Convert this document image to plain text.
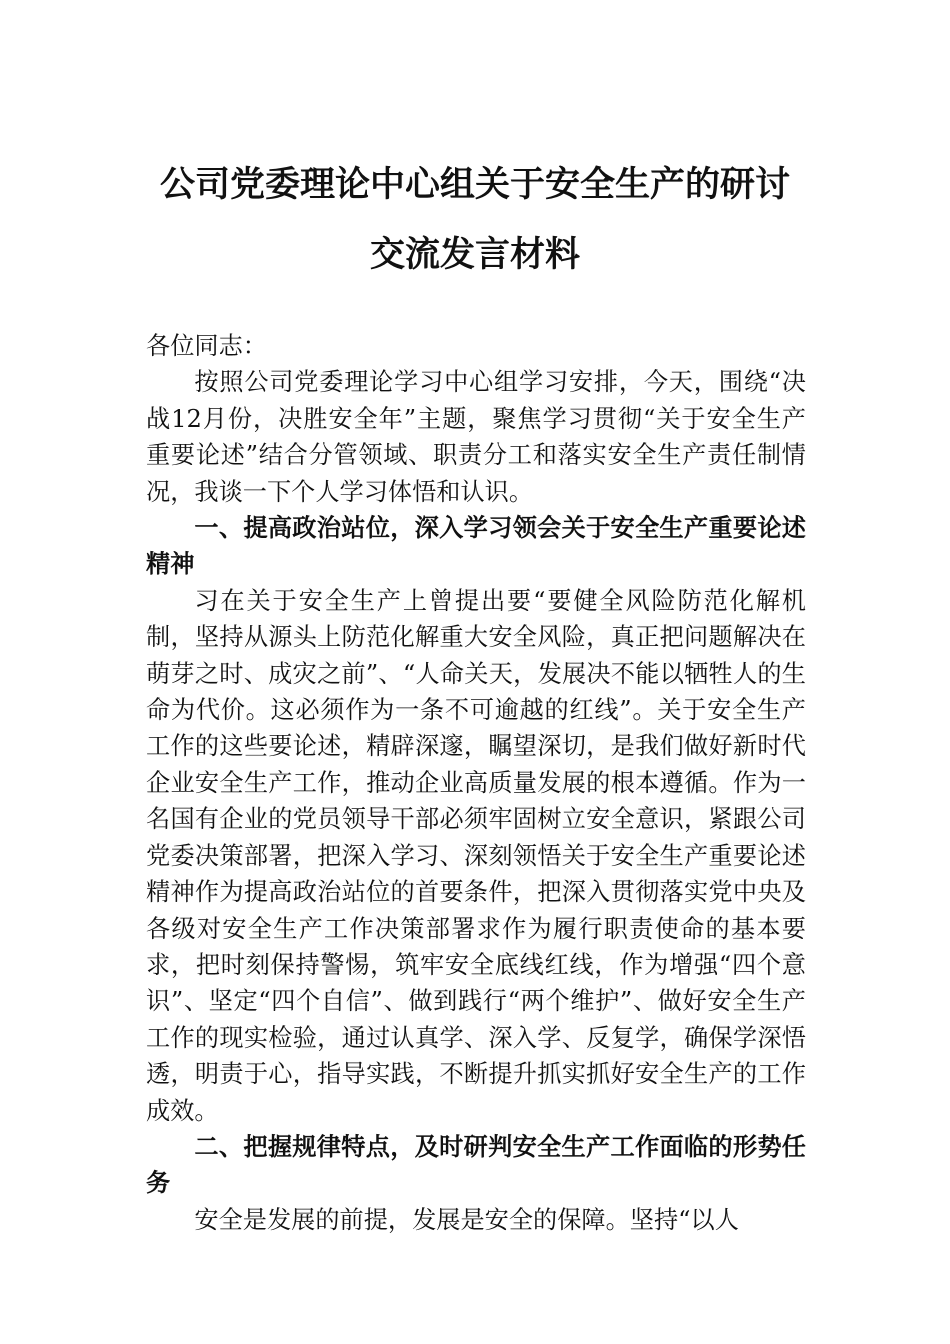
公司党委理论中心组关于安全生产的研讨
交流发言材料

各位同志：

按照公司党委理论学习中心组学习安排，今天，围绕“决战12月份，决胜安全年”主题，聚焦学习贯彻“关于安全生产重要论述”结合分管领域、职责分工和落实安全生产责任制情况，我谈一下个人学习体悟和认识。

一、提高政治站位，深入学习领会关于安全生产重要论述精神

习在关于安全生产上曾提出要“要健全风险防范化解机制，坚持从源头上防范化解重大安全风险，真正把问题解决在萌芽之时、成灾之前”、“人命关天，发展决不能以牺牲人的生命为代价。这必须作为一条不可逾越的红线”。关于安全生产工作的这些要论述，精辟深邃，瞩望深切，是我们做好新时代企业安全生产工作，推动企业高质量发展的根本遵循。作为一名国有企业的党员领导干部必须牢固树立安全意识，紧跟公司党委决策部署，把深入学习、深刻领悟关于安全生产重要论述精神作为提高政治站位的首要条件，把深入贯彻落实党中央及各级对安全生产工作决策部署求作为履行职责使命的基本要求，把时刻保持警惕，筑牢安全底线红线，作为增强“四个意识”、坚定“四个自信”、做到践行“两个维护”、做好安全生产工作的现实检验，通过认真学、深入学、反复学，确保学深悟透，明责于心，指导实践，不断提升抓实抓好安全生产的工作成效。

二、把握规律特点，及时研判安全生产工作面临的形势任务

安全是发展的前提，发展是安全的保障。坚持“以人
